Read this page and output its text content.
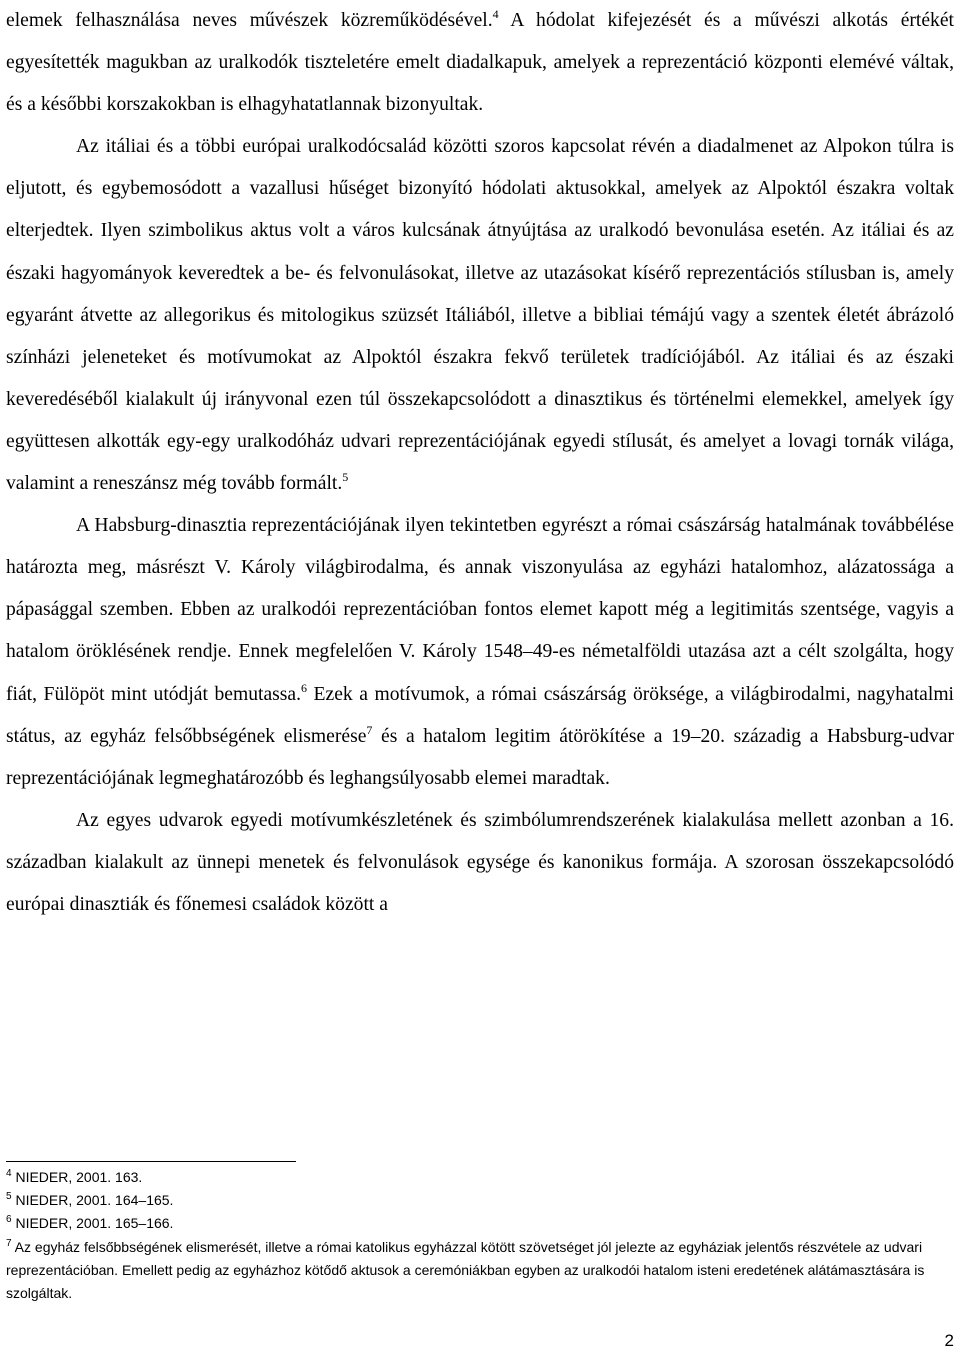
elemek felhasználása neves művészek közreműködésével.$^4$ A hódolat kifejezését és a művészi alkotás értékét egyesítették magukban az uralkodók tiszteletére emelt diadalkapuk, amelyek a reprezentáció központi elemévé váltak, és a későbbi korszakokban is elhagyhatatlannak bizonyultak.

Az itáliai és a többi európai uralkodócsalád közötti szoros kapcsolat révén a diadalmenet az Alpokon túlra is eljutott, és egybemosódott a vazallusi hűséget bizonyító hódolati aktusokkal, amelyek az Alpoktól északra voltak elterjedtek. Ilyen szimbolikus aktus volt a város kulcsának átnyújtása az uralkodó bevonulása esetén. Az itáliai és az északi hagyományok keveredtek a be- és felvonulásokat, illetve az utazásokat kísérő reprezentációs stílusban is, amely egyaránt átvette az allegorikus és mitologikus szüzsét Itáliából, illetve a bibliai témájú vagy a szentek életét ábrázoló színházi jeleneteket és motívumokat az Alpoktól északra fekvő területek tradíciójából. Az itáliai és az északi keveredéséből kialakult új irányvonal ezen túl összekapcsolódott a dinasztikus és történelmi elemekkel, amelyek így együttesen alkották egy-egy uralkodóház udvari reprezentációjának egyedi stílusát, és amelyet a lovagi tornák világa, valamint a reneszánsz még tovább formált.$^5$

A Habsburg-dinasztia reprezentációjának ilyen tekintetben egyrészt a római császárság hatalmának továbbélése határozta meg, másrészt V. Károly világbirodalma, és annak viszonyulása az egyházi hatalomhoz, alázatossága a pápasággal szemben. Ebben az uralkodói reprezentációban fontos elemet kapott még a legitimitás szentsége, vagyis a hatalom öröklésének rendje. Ennek megfelelően V. Károly 1548–49-es németalföldi utazása azt a célt szolgálta, hogy fiát, Fülöpöt mint utódját bemutassa.$^6$ Ezek a motívumok, a római császárság öröksége, a világbirodalmi, nagyhatalmi státus, az egyház felsőbbségének elismerése$^7$ és a hatalom legitim átörökítése a 19–20. századig a Habsburg-udvar reprezentációjának legmeghatározóbb és leghangsúlyosabb elemei maradtak.

Az egyes udvarok egyedi motívumkészletének és szimbólumrendszerének kialakulása mellett azonban a 16. században kialakult az ünnepi menetek és felvonulások egysége és kanonikus formája. A szorosan összekapcsolódó európai dinasztiák és főnemesi családok között a

$^4$ NIEDER, 2001. 163.

$^5$ NIEDER, 2001. 164–165.

$^6$ NIEDER, 2001. 165–166.

$^7$ Az egyház felsőbbségének elismerését, illetve a római katolikus egyházzal kötött szövetséget jól jelezte az egyháziak jelentős részvétele az udvari reprezentációban. Emellett pedig az egyházhoz kötődő aktusok a ceremóniákban egyben az uralkodói hatalom isteni eredetének alátámasztására is szolgáltak.

2
